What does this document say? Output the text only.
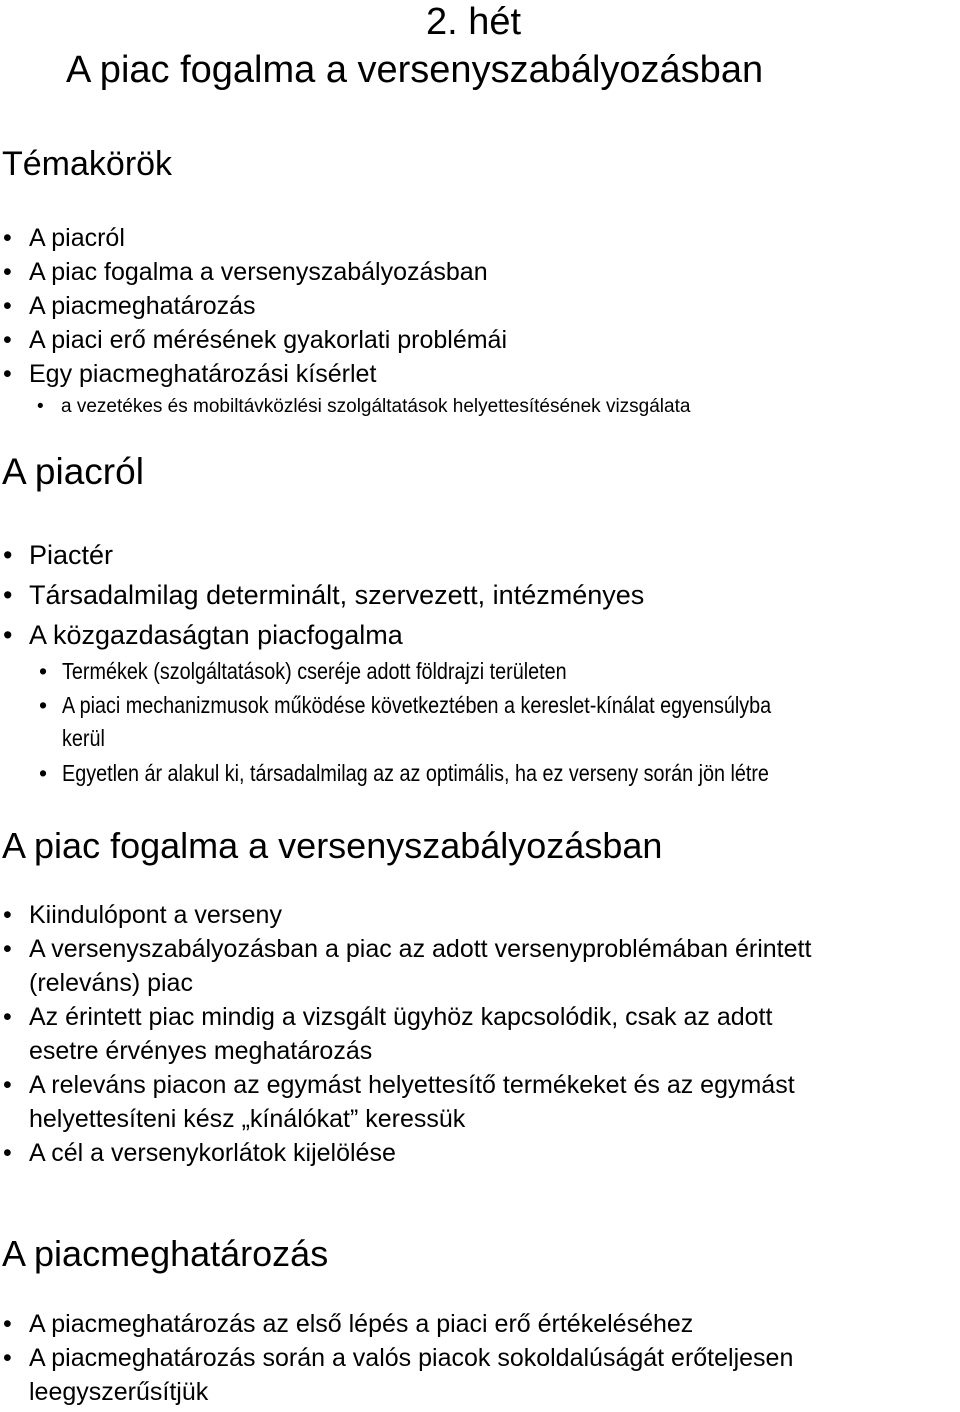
2. hét
A piac fogalma a versenyszabályozásban
Témakörök
• A piacról
• A piac fogalma a versenyszabályozásban
• A piacmeghatározás
• A piaci erő mérésének gyakorlati problémái
• Egy piacmeghatározási kísérlet
• a vezetékes és mobiltávközlési szolgáltatások helyettesítésének vizsgálata
A piacról
• Piactér
• Társadalmilag determinált, szervezett, intézményes
• A közgazdaságtan piacfogalma
• Termékek (szolgáltatások) cseréje adott földrajzi területen
• A piaci mechanizmusok működése következtében a kereslet-kínálat egyensúlyba
kerül
• Egyetlen ár alakul ki, társadalmilag az az optimális, ha ez verseny során jön létre
A piac fogalma a versenyszabályozásban
• Kiindulópont a verseny
• A versenyszabályozásban a piac az adott versenyproblémában érintett
(releváns) piac
• Az érintett piac mindig a vizsgált ügyhöz kapcsolódik, csak az adott
esetre érvényes meghatározás
• A releváns piacon az egymást helyettesítő termékeket és az egymást
helyettesíteni kész „kínálókat” keressük
• A cél a versenykorlátok kijelölése
A piacmeghatározás
• A piacmeghatározás az első lépés a piaci erő értékeléséhez
• A piacmeghatározás során a valós piacok sokoldalúságát erőteljesen
leegyszerűsítjük
